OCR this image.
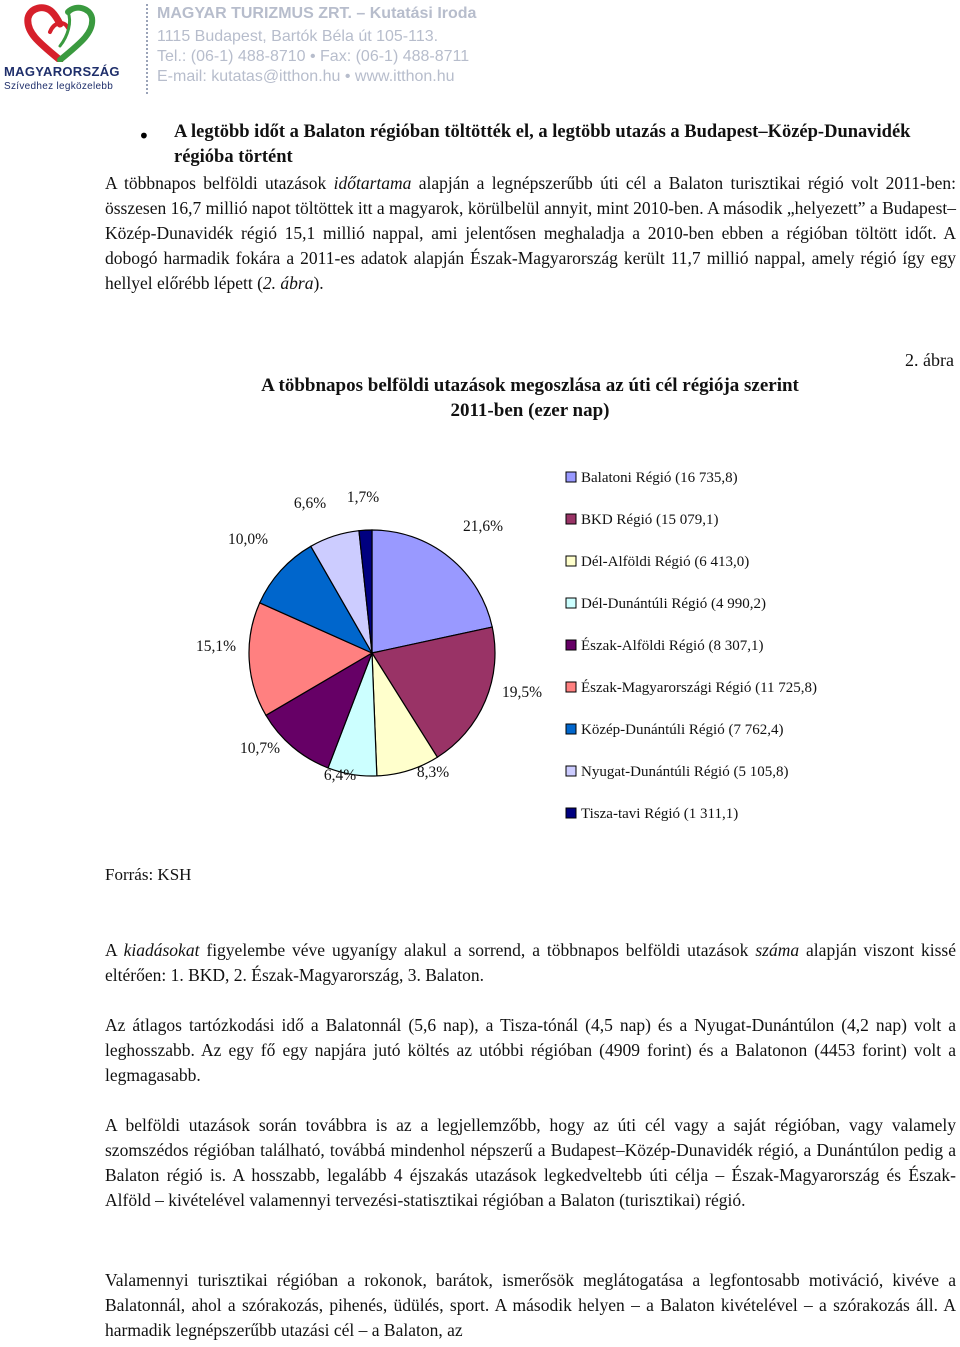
MAGYARORSZÁG
Szívedhez legközelebb
MAGYAR TURIZMUS ZRT. – Kutatási Iroda
1115 Budapest, Bartók Béla út 105-113.
Tel.: (06-1) 488-8710 • Fax: (06-1) 488-8711
E-mail: kutatas@itthon.hu • www.itthon.hu
• A legtöbb időt a Balaton régióban töltötték el, a legtöbb utazás a Budapest–Közép-Dunavidék régióba történt
A többnapos belföldi utazások időtartama alapján a legnépszerűbb úti cél a Balaton turisztikai régió volt 2011-ben: összesen 16,7 millió napot töltöttek itt a magyarok, körülbelül annyit, mint 2010-ben. A második „helyezett” a Budapest–Közép-Dunavidék régió 15,1 millió nappal, ami jelentősen meghaladja a 2010-ben ebben a régióban töltött időt. A dobogó harmadik fokára a 2011-es adatok alapján Észak-Magyarország került 11,7 millió nappal, amely régió így egy hellyel előrébb lépett (2. ábra).
2. ábra
A többnapos belföldi utazások megoszlása az úti cél régiója szerint
2011-ben (ezer nap)
21,6%
19,5%
8,3%
6,4%
10,7%
15,1%
10,0%
6,6% 1,7%
Balatoni Régió (16 735,8)
BKD Régió (15 079,1)
Dél-Alföldi Régió (6 413,0)
Dél-Dunántúli Régió (4 990,2)
Észak-Alföldi Régió (8 307,1)
Észak-Magyarországi Régió (11 725,8)
Közép-Dunántúli Régió (7 762,4)
Nyugat-Dunántúli Régió (5 105,8)
Tisza-tavi Régió (1 311,1)
Forrás: KSH
A kiadásokat figyelembe véve ugyanígy alakul a sorrend, a többnapos belföldi utazások száma alapján viszont kissé eltérően: 1. BKD, 2. Észak-Magyarország, 3. Balaton.
Az átlagos tartózkodási idő a Balatonnál (5,6 nap), a Tisza-tónál (4,5 nap) és a Nyugat-Dunántúlon (4,2 nap) volt a leghosszabb. Az egy fő egy napjára jutó költés az utóbbi régióban (4909 forint) és a Balatonon (4453 forint) volt a legmagasabb.
A belföldi utazások során továbbra is az a legjellemzőbb, hogy az úti cél vagy a saját régióban, vagy valamely szomszédos régióban található, továbbá mindenhol népszerű a Budapest–Közép-Dunavidék régió, a Dunántúlon pedig a Balaton régió is. A hosszabb, legalább 4 éjszakás utazások legkedveltebb úti célja – Észak-Magyarország és Észak-Alföld – kivételével valamennyi tervezési-statisztikai régióban a Balaton (turisztikai) régió.
Valamennyi turisztikai régióban a rokonok, barátok, ismerősök meglátogatása a legfontosabb motiváció, kivéve a Balatonnál, ahol a szórakozás, pihenés, üdülés, sport. A második helyen – a Balaton kivételével – a szórakozás áll. A harmadik legnépszerűbb utazási cél – a Balaton, az
